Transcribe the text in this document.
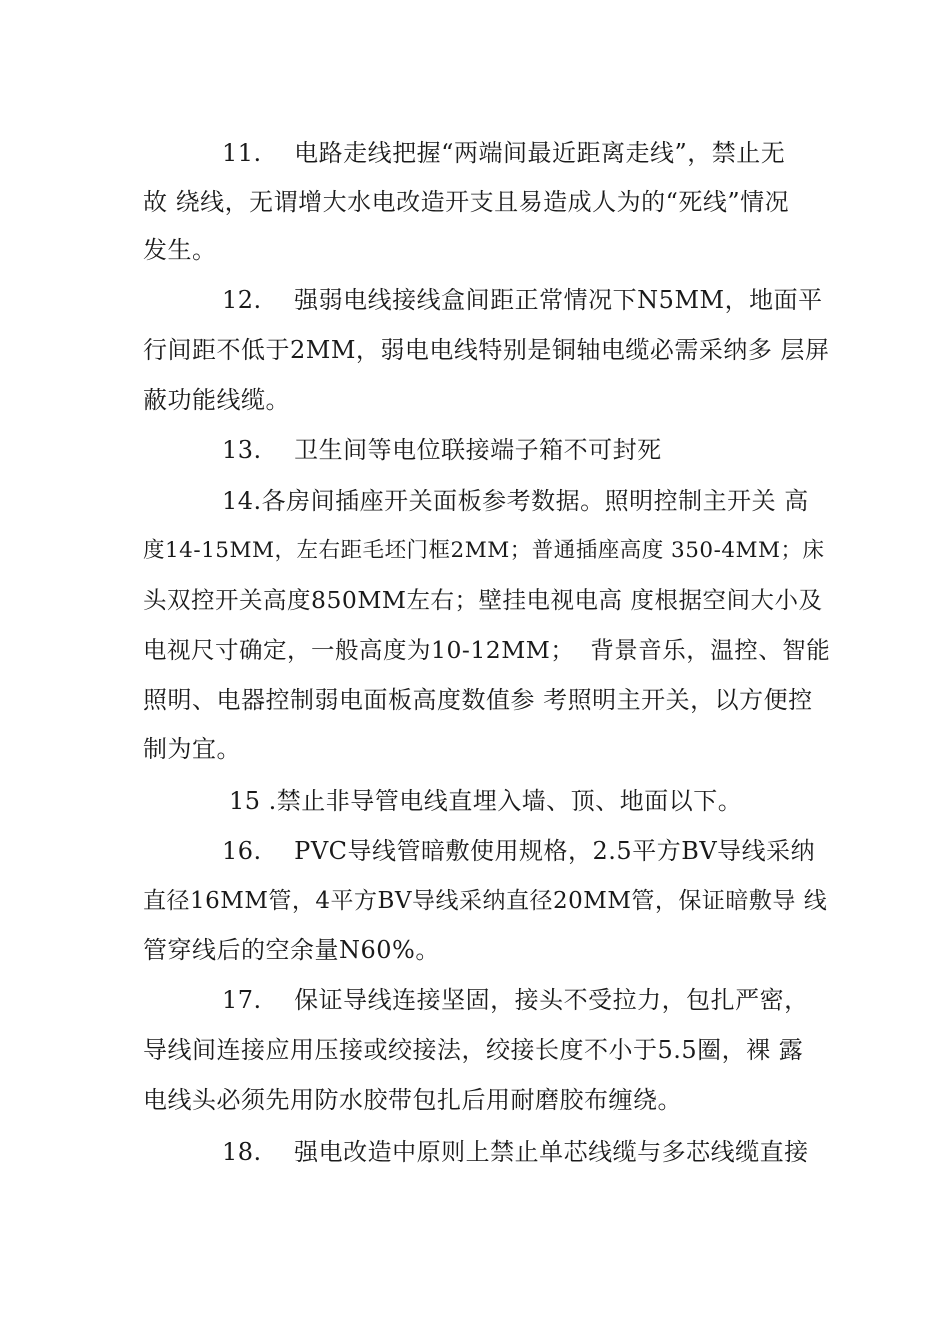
11.    电路走线把握“两端间最近距离走线”，禁止无
故 绕线，无谓增大水电改造开支且易造成人为的“死线”情况
发生。
12.    强弱电线接线盒间距正常情况下N5MM，地面平
行间距不低于2MM，弱电电线特别是铜轴电缆必需采纳多 层屏
蔽功能线缆。
13.    卫生间等电位联接端子箱不可封死
14.各房间插座开关面板参考数据。照明控制主开关 高
度14-15MM，左右距毛坯门框2MM；普通插座高度 350-4MM；床
头双控开关高度850MM左右；壁挂电视电高 度根据空间大小及
电视尺寸确定，一般高度为10-12MM；  背景音乐，温控、智能
照明、电器控制弱电面板高度数值参 考照明主开关，以方便控
制为宜。
15 .禁止非导管电线直埋入墙、顶、地面以下。
16.    PVC导线管暗敷使用规格，2.5平方BV导线采纳
直径16MM管，4平方BV导线采纳直径20MM管，保证暗敷导 线
管穿线后的空余量N60%。
17.    保证导线连接坚固，接头不受拉力，包扎严密，
导线间连接应用压接或绞接法，绞接长度不小于5.5圈，裸 露
电线头必须先用防水胶带包扎后用耐磨胶布缠绕。
18.    强电改造中原则上禁止单芯线缆与多芯线缆直接
